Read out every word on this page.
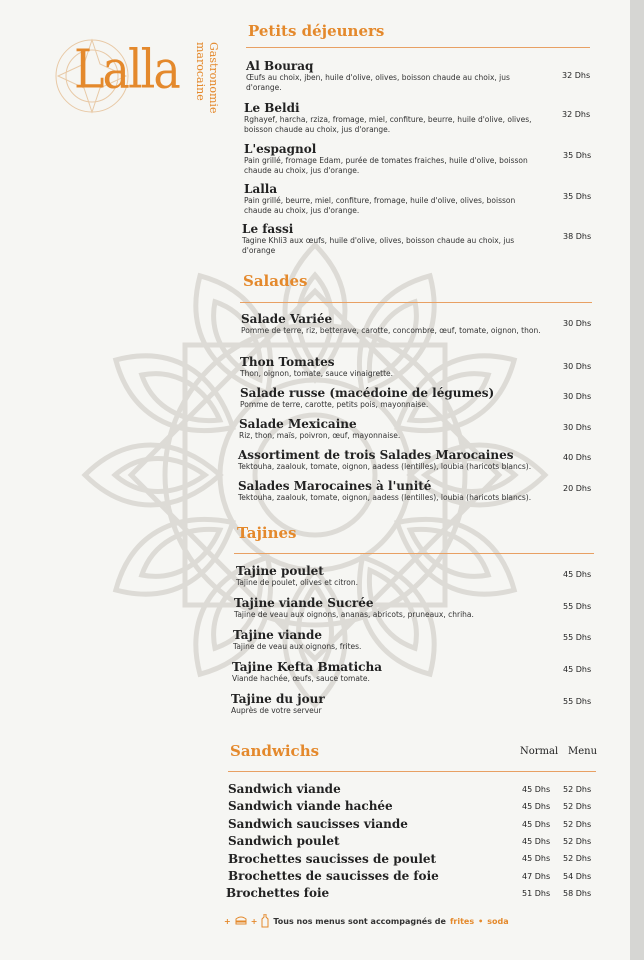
Lalla	Gastronomie
marocaine
Petits déjeuners
Al Bouraq
Œufs au choix, jben, huile d'olive, olives, boisson chaude au choix, jus d'orange.
32 Dhs
Le Beldi
Rghayef, harcha, rziza, fromage, miel, confiture, beurre, huile d'olive, olives, boisson chaude au choix, jus d'orange.
32 Dhs
L'espagnol
Pain grillé, fromage Edam, purée de tomates fraiches, huile d'olive, boisson chaude au choix, jus d'orange.
35 Dhs
Lalla
Pain grillé, beurre, miel, confiture, fromage, huile d'olive, olives, boisson chaude au choix, jus d'orange.
35 Dhs
Le fassi
Tagine Khli3 aux œufs, huile d'olive, olives, boisson chaude au choix, jus d'orange
38 Dhs
Salades
Salade Variée
Pomme de terre, riz, betterave, carotte, concombre, œuf, tomate, oignon, thon.
30 Dhs
Thon Tomates
Thon, oignon, tomate, sauce vinaigrette.
30 Dhs
Salade russe (macédoine de légumes)
Pomme de terre, carotte, petits pois, mayonnaise.
30 Dhs
Salade Mexicaine
Riz, thon, maïs, poivron, œuf, mayonnaise.
30 Dhs
Assortiment de trois Salades Marocaines
Tektouha, zaalouk, tomate, oignon, aadess (lentilles), loubia (haricots blancs).
40 Dhs
Salades Marocaines à l'unité
Tektouha, zaalouk, tomate, oignon, aadess (lentilles), loubia (haricots blancs).
20 Dhs
Tajines
Tajine poulet
Tajine de poulet, olives et citron.
45 Dhs
Tajine viande Sucrée
Tajine de veau aux oignons, ananas, abricots, pruneaux, chriha.
55 Dhs
Tajine viande
Tajine de veau aux oignons, frites.
55 Dhs
Tajine Kefta Bmaticha
Viande hachée, œufs, sauce tomate.
45 Dhs
Tajine du jour
Auprès de votre serveur
55 Dhs
Sandwichs	Normal Menu
Sandwich viande	45 Dhs 52 Dhs
Sandwich viande hachée	45 Dhs 52 Dhs
Sandwich saucisses viande	45 Dhs 52 Dhs
Sandwich poulet	45 Dhs 52 Dhs
Brochettes saucisses de poulet	45 Dhs 52 Dhs
Brochettes de saucisses de foie	47 Dhs 54 Dhs
Brochettes foie	51 Dhs 58 Dhs
+	+ Tous nos menus sont accompagnés de frites • soda
